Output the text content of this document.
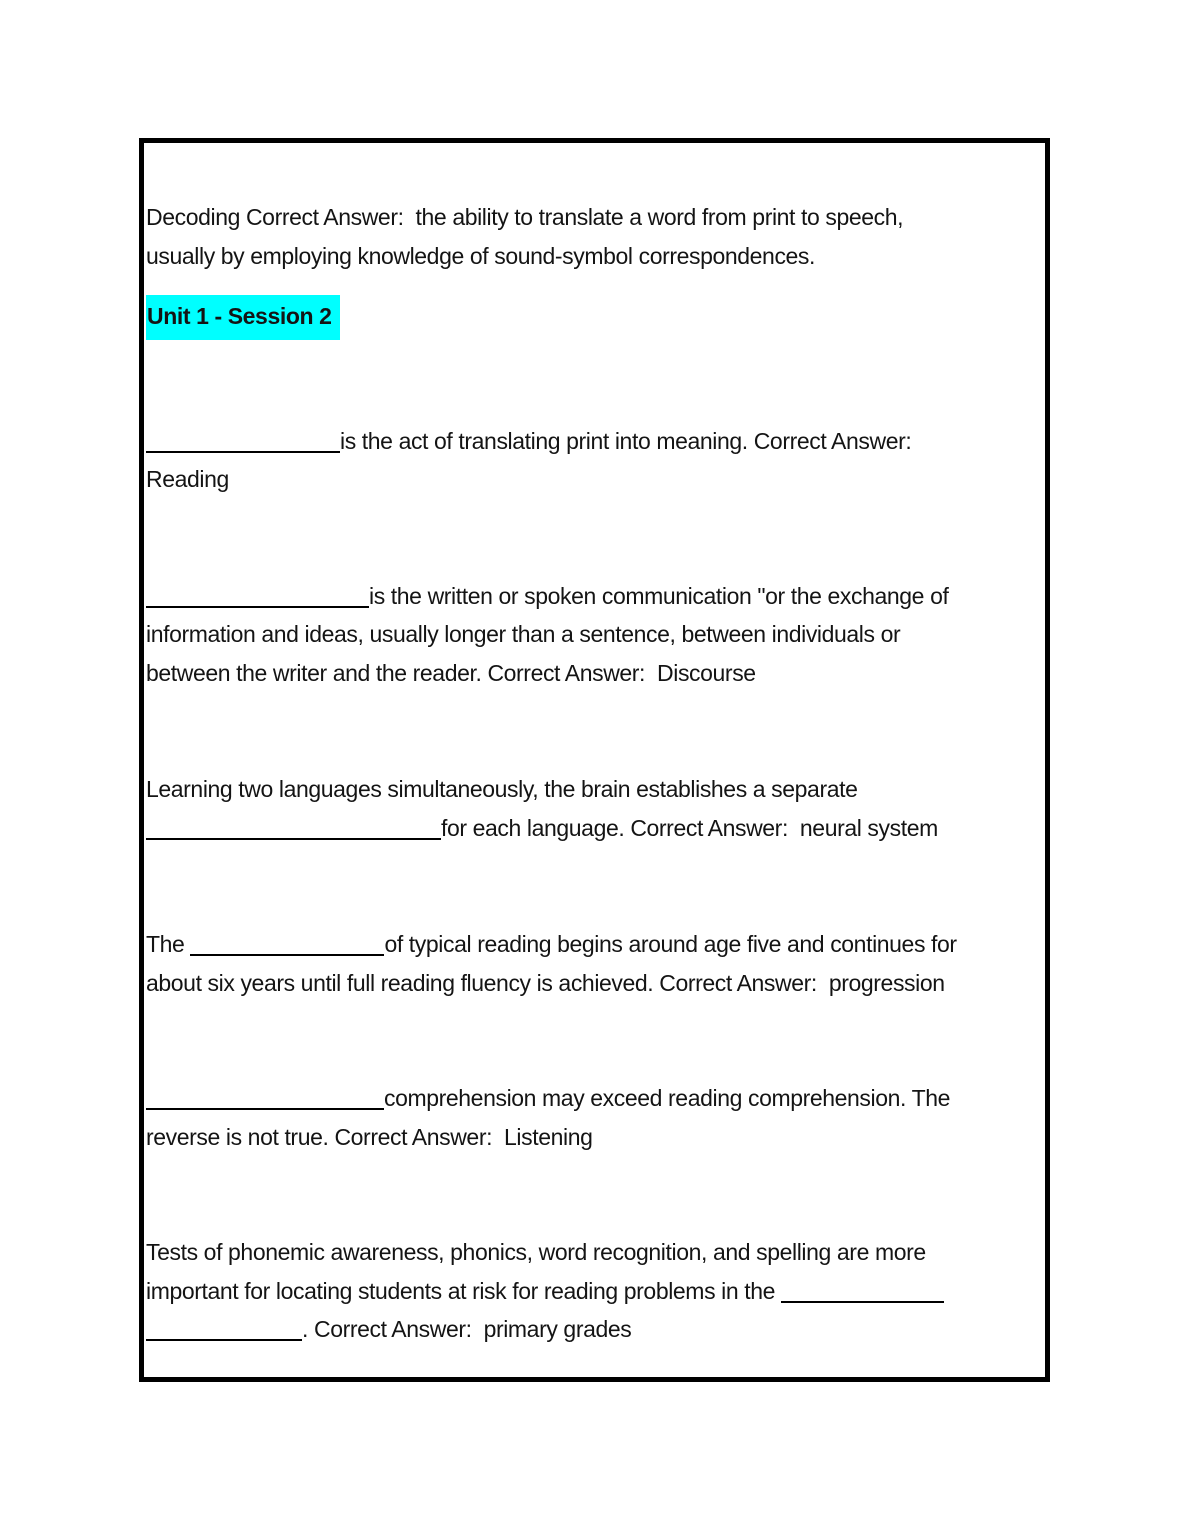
Decoding Correct Answer:  the ability to translate a word from print to speech,
usually by employing knowledge of sound-symbol correspondences.

Unit 1 - Session 2

is the act of translating print into meaning. Correct Answer:
Reading

is the written or spoken communication "or the exchange of
information and ideas, usually longer than a sentence, between individuals or
between the writer and the reader. Correct Answer:  Discourse

Learning two languages simultaneously, the brain establishes a separate
for each language. Correct Answer:  neural system

The	of typical reading begins around age five and continues for
about six years until full reading fluency is achieved. Correct Answer:  progression

comprehension may exceed reading comprehension. The
reverse is not true. Correct Answer:  Listening

Tests of phonemic awareness, phonics, word recognition, and spelling are more
important for locating students at risk for reading problems in the
. Correct Answer:  primary grades
